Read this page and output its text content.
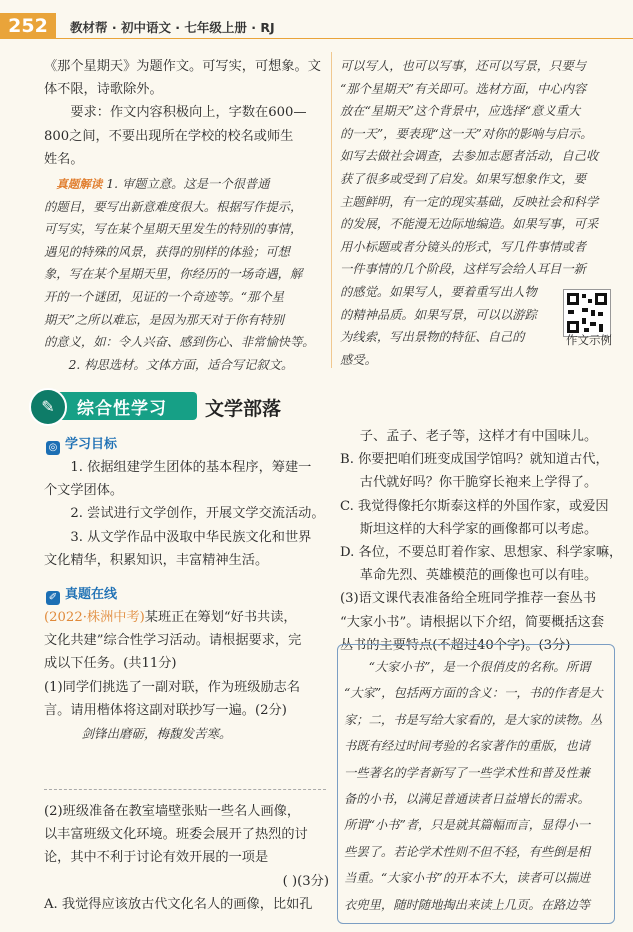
252	教材帮 · 初中语文 · 七年级上册 · RJ

《那个星期天》为题作文。可写实，可想象。文

体不限，诗歌除外。

要求：作文内容积极向上，字数在600—

800之间，不要出现所在学校的校名或师生

姓名。

真题解读 1. 审题立意。这是一个很普通

的题目，要写出新意难度很大。根据写作提示，

可写实，写在某个星期天里发生的特别的事情，

遇见的特殊的风景，获得的别样的体验；可想

象，写在某个星期天里，你经历的一场奇遇，解

开的一个谜团，见证的一个奇迹等。“那个星

期天”之所以难忘，是因为那天对于你有特别

的意义，如：令人兴奋、感到伤心、非常愉快等。

2. 构思选材。文体方面，适合写记叙文。

可以写人，也可以写事，还可以写景，只要与

“那个星期天”有关即可。选材方面，中心内容

放在“星期天”这个背景中，应选择“意义重大

的一天”，要表现“这一天”对你的影响与启示。

如写去做社会调查，去参加志愿者活动，自己收

获了很多或受到了启发。如果写想象作文，要

主题鲜明，有一定的现实基础，反映社会和科学

的发展，不能漫无边际地编造。如果写事，可采

用小标题或者分镜头的形式，写几件事情或者

一件事情的几个阶段，这样写会给人耳目一新

的感觉。如果写人，要着重写出人物

的精神品质。如果写景，可以以游踪

为线索，写出景物的特征、自己的

感受。

作文示例
✎	综合性学习 文学部落
◎ 学习目标

1. 依据组建学生团体的基本程序，筹建一

个文学团体。

2. 尝试进行文学创作，开展文学交流活动。

3. 从文学作品中汲取中华民族文化和世界

文化精华，积累知识，丰富精神生活。

✐ 真题在线

(2022·株洲中考)某班正在筹划“好书共读，

文化共建”综合性学习活动。请根据要求，完

成以下任务。(共11分)

(1)同学们挑选了一副对联，作为班级励志名

言。请用楷体将这副对联抄写一遍。(2分)

剑锋出磨砺，梅馥发苦寒。

(2)班级准备在教室墙壁张贴一些名人画像，

以丰富班级文化环境。班委会展开了热烈的讨

论，其中不利于讨论有效开展的一项是

( )(3分)

A. 我觉得应该放古代文化名人的画像，比如孔

子、孟子、老子等，这样才有中国味儿。

B. 你要把咱们班变成国学馆吗？就知道古代，

古代就好吗？你干脆穿长袍来上学得了。

C. 我觉得像托尔斯泰这样的外国作家，或爱因

斯坦这样的大科学家的画像都可以考虑。

D. 各位，不要总盯着作家、思想家、科学家嘛，

革命先烈、英雄模范的画像也可以有哇。

(3)语文课代表准备给全班同学推荐一套丛书

“大家小书”。请根据以下介绍，简要概括这套

丛书的主要特点(不超过40个字)。(3分)

“大家小书”，是一个很俏皮的名称。所谓

“大家”，包括两方面的含义：一，书的作者是大

家；二，书是写给大家看的，是大家的读物。丛

书既有经过时间考验的名家著作的重版，也请

一些著名的学者新写了一些学术性和普及性兼

备的小书，以满足普通读者日益增长的需求。

所谓“小书”者，只是就其篇幅而言，显得小一

些罢了。若论学术性则不但不轻，有些倒是相

当重。“大家小书”的开本不大，读者可以揣进

衣兜里，随时随地掏出来读上几页。在路边等
